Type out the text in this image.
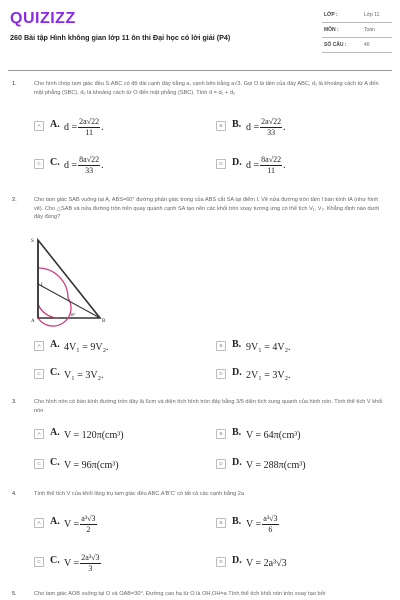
QUIZIZZ
260 Bài tập Hình không gian lớp 11 ôn thi Đại học có lời giải (P4)
LỚP :	Lớp 11
MÔN :	Toán
SỐ CÂU :	40
1.	Cho hình chóp tam giác đều S.ABC có độ dài cạnh đáy bằng a, cạnh bên bằng a√3. Gọi O là tâm của đáy ABC, d₁ là khoảng cách từ A đến mặt phẳng (SBC), d₂ là khoảng cách từ O đến mặt phẳng (SBC). Tính d = d₁ + d₂
A A. $d = \frac{2a√22}{11}$ .	B B. $d = \frac{2a√22}{33}$ .
C C. $d = \frac{8a√22}{33}$ .	D D. $d = \frac{8a√22}{11}$ .
2.	Cho tam giác SAB vuông tại A, ABS=60° đường phân giác trong của ABS cắt SA tại điểm I. Vẽ nửa đường tròn tâm I bán kính IA (như hình vẽ). Cho △SAB và nửa đường tròn trên quay quanh cạnh SA tạo nên các khối tròn xoay tương ứng có thể tích V₁, V₂. Khẳng định nào dưới đây đúng?
S
I
A	B
30°
A A. 4V₁ = 9V₂.	B B. 9V₁ = 4V₂.
C C. V₁ = 3V₂.	D D. 2V₁ = 3V₂.
3.	Cho hình nón có bán kính đường tròn đáy là 6cm và diện tích hình tròn đáy bằng 3/5 diện tích xung quanh của hình nón. Tính thể tích V khối nón
A A. V = 120π(cm³)	B B. V = 64π(cm³)
C C. V = 96π(cm³)	D D. V = 288π(cm³)
4.	Tính thể tích V của khối lăng trụ tam giác đều ABC.A'B'C' có tất cả các cạnh bằng 2a
A A. $V = \frac{\text{a³√3}}{2}$	B B. $V = \frac{\text{a³√3}}{6}$
C C. $V = \frac{\text{2a³√3}}{3}$	D D. V = 2a³√3
5.	Cho tam giác AOB vuông tại O và OAB=30°. Đường cao hạ từ O là OH,OH=a Tính thể tích khối nón tròn xoay tạo bởi
